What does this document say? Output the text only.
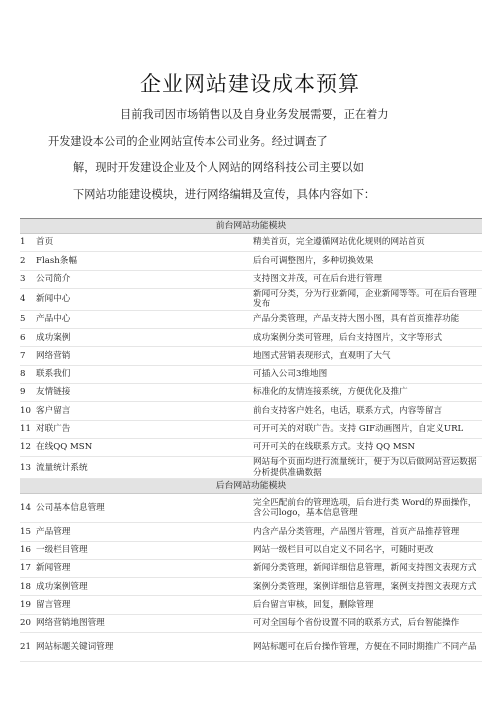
企业网站建设成本预算
目前我司因市场销售以及自身业务发展需要，正在着力
开发建设本公司的企业网站宣传本公司业务。经过调查了
解，现时开发建设企业及个人网站的网络科技公司主要以如
下网站功能建设模块，进行网络编辑及宣传，具体内容如下：
前台网站功能模块	
1 首页	精美首页，完全遵循网站优化规则的网站首页
2 Flash条幅	后台可调整图片，多种切换效果
3 公司简介	支持图文并茂，可在后台进行管理
4 新闻中心	新闻可分类，分为行业新闻，企业新闻等等。可在后台管理发布
5 产品中心	产品分类管理，产品支持大图小图，具有首页推荐功能
6 成功案例	成功案例分类可管理，后台支持图片，文字等形式
7 网络营销	地图式营销表现形式，直观明了大气
8 联系我们	可插入公司3维地图
9 友情链接	标准化的友情连接系统，方便优化及推广
10 客户留言	前台支持客户姓名，电话，联系方式，内容等留言
11 对联广告	可开可关的对联广告。支持 GIF动画图片，自定义URL
12 在线QQ MSN	可开可关的在线联系方式。支持 QQ MSN
13 流量统计系统	网站每个页面均进行流量统计，便于为以后做网站营运数据分析提供准确数据
后台网站功能模块	
14 公司基本信息管理	完全匹配前台的管理选项，后台进行类 Word的界面操作，含公司logo，基本信息管理
15 产品管理	内含产品分类管理，产品图片管理，首页产品推荐管理
16 一级栏目管理	网站一级栏目可以自定义不同名字，可随时更改
17 新闻管理	新闻分类管理，新闻详细信息管理，新闻支持图文表现方式
18 成功案例管理	案例分类管理，案例详细信息管理，案例支持图文表现方式
19 留言管理	后台留言审核，回复，删除管理
20 网络营销地图管理	可对全国每个省份设置不同的联系方式，后台智能操作
21 网站标题关键词管理	网站标题可在后台操作管理，方便在不同时期推广不同产品
